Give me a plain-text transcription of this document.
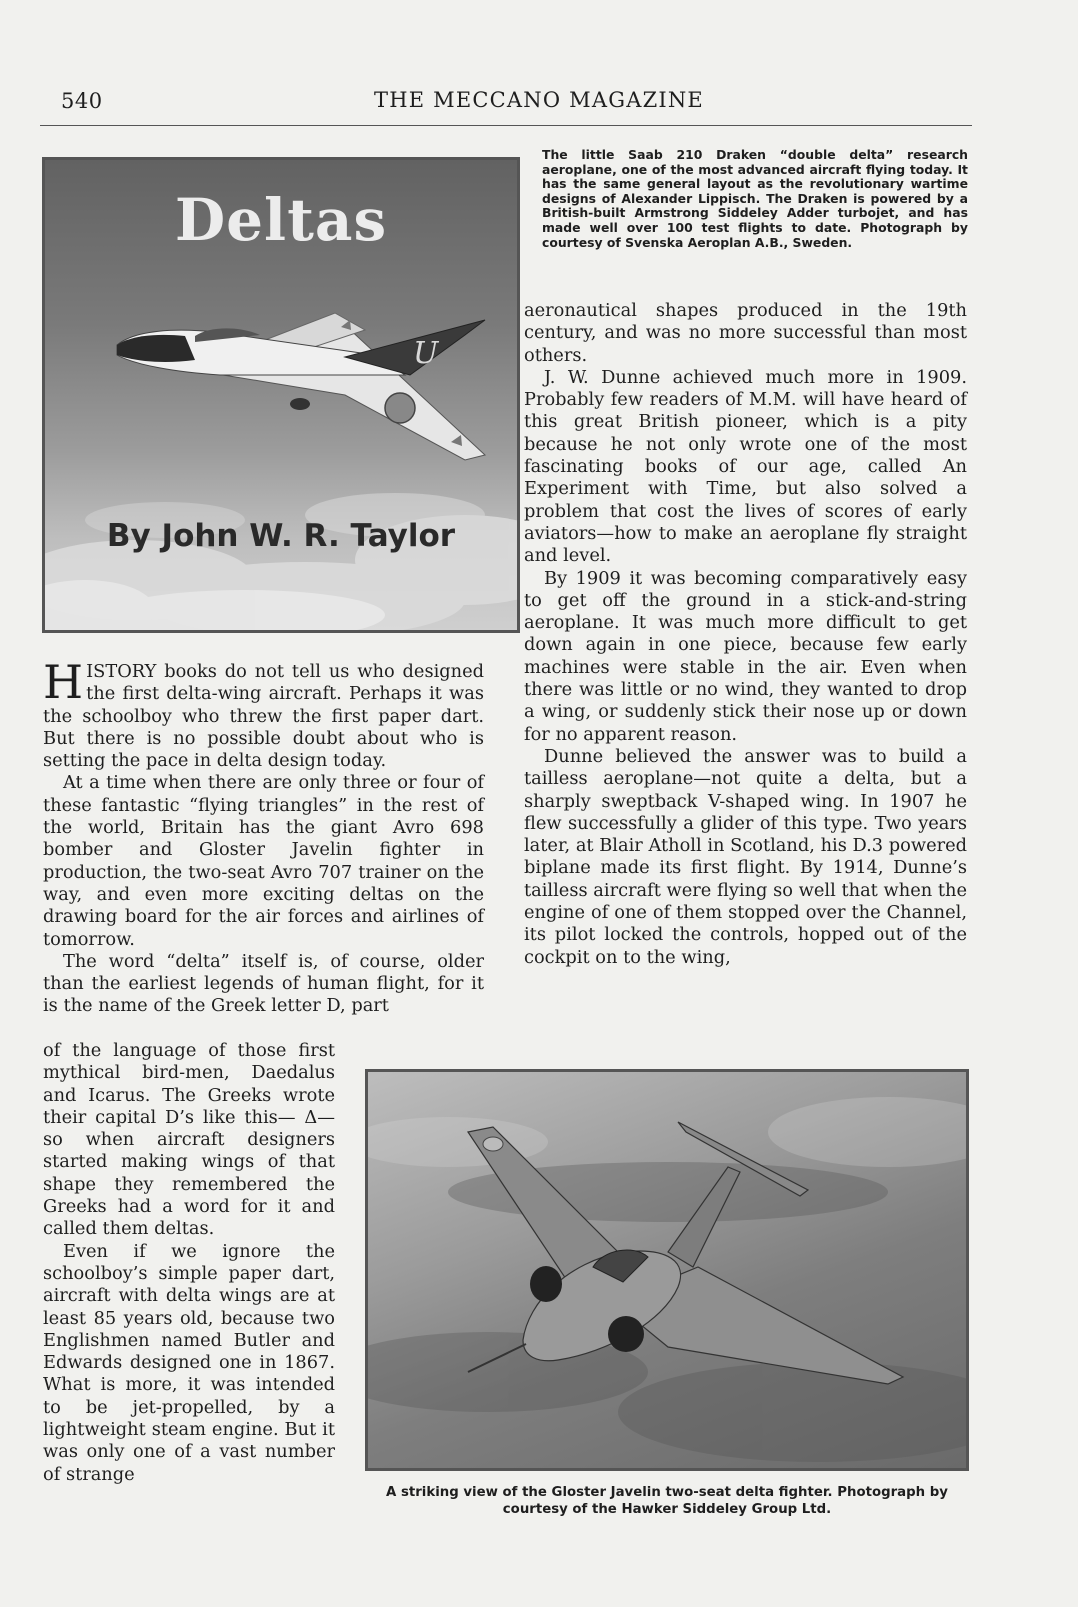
540	THE MECCANO MAGAZINE
U
Deltas
By John W. R. Taylor

The little Saab 210 Draken “double delta” research aeroplane, one of the most advanced aircraft flying today. It has the same general layout as the revolutionary wartime designs of Alexander Lippisch. The Draken is powered by a British-built Armstrong Siddeley Adder turbojet, and has made well over 100 test flights to date. Photograph by courtesy of Svenska Aeroplan A.B., Sweden.

HISTORY books do not tell us who designed the first delta-wing aircraft. Perhaps it was the schoolboy who threw the first paper dart. But there is no possible doubt about who is setting the pace in delta design today.

At a time when there are only three or four of these fantastic “flying triangles” in the rest of the world, Britain has the giant Avro 698 bomber and Gloster Javelin fighter in production, the two-seat Avro 707 trainer on the way, and even more exciting deltas on the drawing board for the air forces and airlines of tomorrow.

The word “delta” itself is, of course, older than the earliest legends of human flight, for it is the name of the Greek letter D, part

of the language of those first mythical bird-men, Daedalus and Icarus. The Greeks wrote their capital D’s like this— Δ—so when aircraft designers started making wings of that shape they remembered the Greeks had a word for it and called them deltas.

Even if we ignore the schoolboy’s simple paper dart, aircraft with delta wings are at least 85 years old, because two Englishmen named Butler and Edwards designed one in 1867. What is more, it was intended to be jet-propelled, by a lightweight steam engine. But it was only one of a vast number of strange

aeronautical shapes produced in the 19th century, and was no more successful than most others.

J. W. Dunne achieved much more in 1909. Probably few readers of M.M. will have heard of this great British pioneer, which is a pity because he not only wrote one of the most fascinating books of our age, called An Experiment with Time, but also solved a problem that cost the lives of scores of early aviators—how to make an aeroplane fly straight and level.

By 1909 it was becoming comparatively easy to get off the ground in a stick-and-string aeroplane. It was much more difficult to get down again in one piece, because few early machines were stable in the air. Even when there was little or no wind, they wanted to drop a wing, or suddenly stick their nose up or down for no apparent reason.

Dunne believed the answer was to build a tailless aeroplane—not quite a delta, but a sharply sweptback V-shaped wing. In 1907 he flew successfully a glider of this type. Two years later, at Blair Atholl in Scotland, his D.3 powered biplane made its first flight. By 1914, Dunne’s tailless aircraft were flying so well that when the engine of one of them stopped over the Channel, its pilot locked the controls, hopped out of the cockpit on to the wing,

A striking view of the Gloster Javelin two-seat delta fighter. Photograph by courtesy of the Hawker Siddeley Group Ltd.
